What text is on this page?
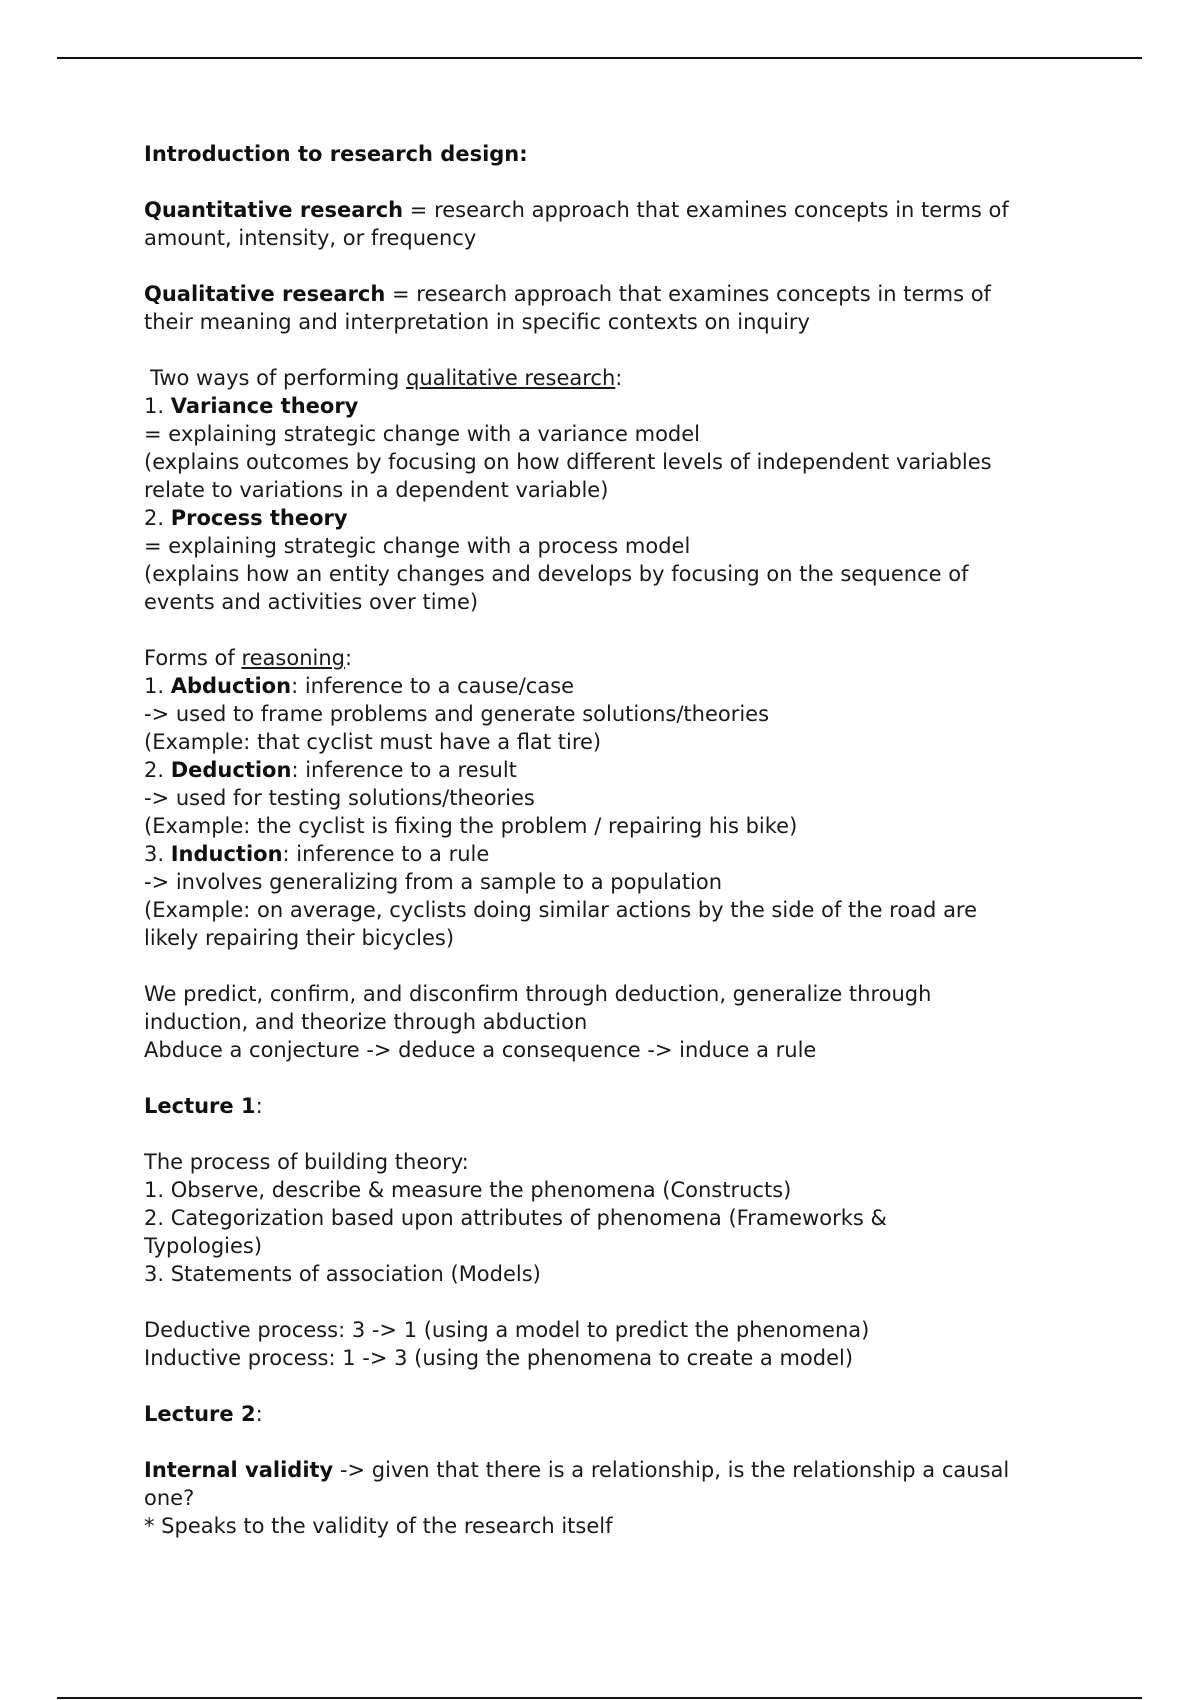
Introduction to research design:
Quantitative research = research approach that examines concepts in terms of
amount, intensity, or frequency
Qualitative research = research approach that examines concepts in terms of
their meaning and interpretation in specific contexts on inquiry
Two ways of performing qualitative research:
1. Variance theory
= explaining strategic change with a variance model
(explains outcomes by focusing on how different levels of independent variables
relate to variations in a dependent variable)
2. Process theory
= explaining strategic change with a process model
(explains how an entity changes and develops by focusing on the sequence of
events and activities over time)
Forms of reasoning:
1. Abduction: inference to a cause/case
-> used to frame problems and generate solutions/theories
(Example: that cyclist must have a flat tire)
2. Deduction: inference to a result
-> used for testing solutions/theories
(Example: the cyclist is fixing the problem / repairing his bike)
3. Induction: inference to a rule
-> involves generalizing from a sample to a population
(Example: on average, cyclists doing similar actions by the side of the road are
likely repairing their bicycles)
We predict, confirm, and disconfirm through deduction, generalize through
induction, and theorize through abduction
Abduce a conjecture -> deduce a consequence -> induce a rule
Lecture 1:
The process of building theory:
1. Observe, describe & measure the phenomena (Constructs)
2. Categorization based upon attributes of phenomena (Frameworks &
Typologies)
3. Statements of association (Models)
Deductive process: 3 -> 1 (using a model to predict the phenomena)
Inductive process: 1 -> 3 (using the phenomena to create a model)
Lecture 2:
Internal validity -> given that there is a relationship, is the relationship a causal
one?
* Speaks to the validity of the research itself
